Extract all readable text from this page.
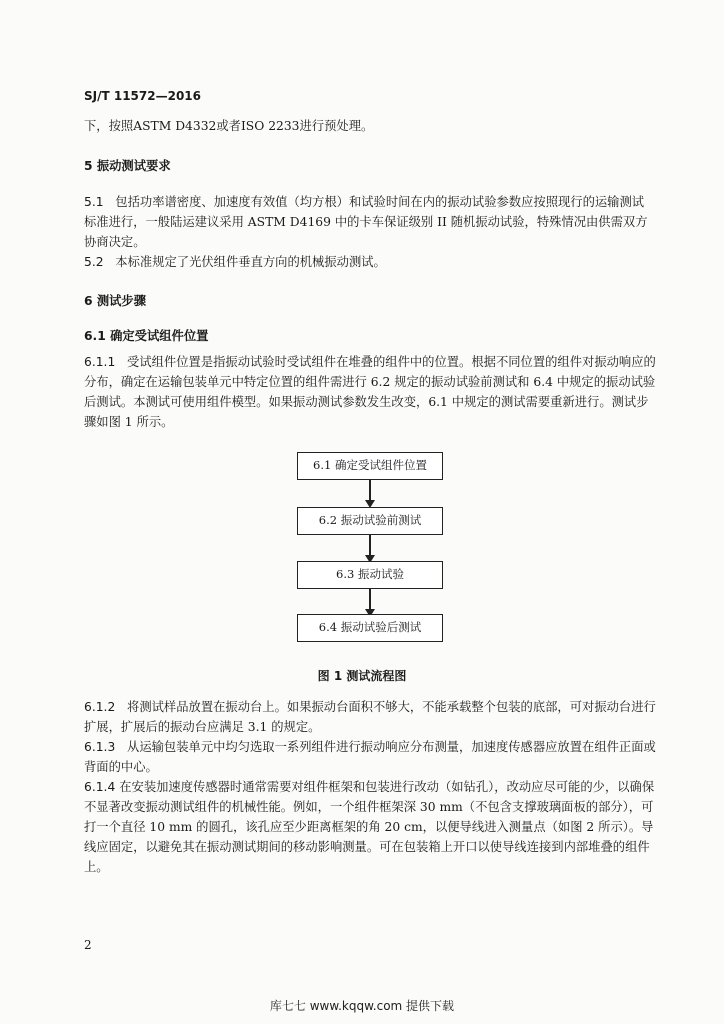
SJ/T 11572—2016
下，按照ASTM D4332或者ISO 2233进行预处理。
5 振动测试要求
5.1 包括功率谱密度、加速度有效值（均方根）和试验时间在内的振动试验参数应按照现行的运输测试标准进行，一般陆运建议采用 ASTM D4169 中的卡车保证级别 II 随机振动试验，特殊情况由供需双方协商决定。
5.2 本标准规定了光伏组件垂直方向的机械振动测试。
6 测试步骤
6.1 确定受试组件位置
6.1.1 受试组件位置是指振动试验时受试组件在堆叠的组件中的位置。根据不同位置的组件对振动响应的分布，确定在运输包装单元中特定位置的组件需进行 6.2 规定的振动试验前测试和 6.4 中规定的振动试验后测试。本测试可使用组件模型。如果振动测试参数发生改变，6.1 中规定的测试需要重新进行。测试步骤如图 1 所示。
6.1 确定受试组件位置
6.2 振动试验前测试
6.3 振动试验
6.4 振动试验后测试
图 1 测试流程图
6.1.2 将测试样品放置在振动台上。如果振动台面积不够大，不能承载整个包装的底部，可对振动台进行扩展，扩展后的振动台应满足 3.1 的规定。
6.1.3 从运输包装单元中均匀选取一系列组件进行振动响应分布测量，加速度传感器应放置在组件正面或背面的中心。
6.1.4 在安装加速度传感器时通常需要对组件框架和包装进行改动（如钻孔），改动应尽可能的少，以确保不显著改变振动测试组件的机械性能。例如，一个组件框架深 30 mm（不包含支撑玻璃面板的部分），可打一个直径 10 mm 的圆孔，该孔应至少距离框架的角 20 cm，以便导线进入测量点（如图 2 所示）。导线应固定，以避免其在振动测试期间的移动影响测量。可在包装箱上开口以使导线连接到内部堆叠的组件上。
2
库七七 www.kqqw.com 提供下载
